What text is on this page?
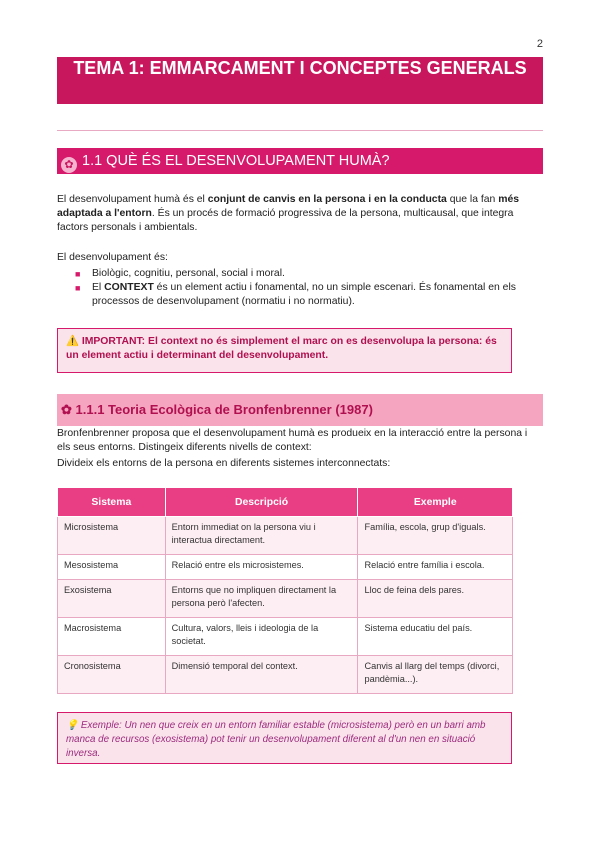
2
TEMA 1: EMMARCAMENT I CONCEPTES GENERALS
✿ 1.1 QUÈ ÉS EL DESENVOLUPAMENT HUMÀ?
El desenvolupament humà és el conjunt de canvis en la persona i en la conducta que la fan més adaptada a l'entorn. És un procés de formació progressiva de la persona, multicausal, que integra factors personals i ambientals.
El desenvolupament és:
■ Biològic, cognitiu, personal, social i moral.
■ El CONTEXT és un element actiu i fonamental, no un simple escenari. És fonamental en els processos de desenvolupament (normatiu i no normatiu).
⚠️ IMPORTANT: El context no és simplement el marc on es desenvolupa la persona: és un element actiu i determinant del desenvolupament.
✿ 1.1.1 Teoria Ecològica de Bronfenbrenner (1987)
Bronfenbrenner proposa que el desenvolupament humà es produeix en la interacció entre la persona i els seus entorns. Distingeix diferents nivells de context:
Divideix els entorns de la persona en diferents sistemes interconnectats:
Sistema	Descripció	Exemple
Microsistema	Entorn immediat on la persona viu i interactua directament.	Família, escola, grup d'iguals.
Mesosistema	Relació entre els microsistemes.	Relació entre família i escola.
Exosistema	Entorns que no impliquen directament la persona però l'afecten.	Lloc de feina dels pares.
Macrosistema	Cultura, valors, lleis i ideologia de la societat.	Sistema educatiu del país.
Cronosistema	Dimensió temporal del context.	Canvis al llarg del temps (divorci, pandèmia...).
💡 Exemple: Un nen que creix en un entorn familiar estable (microsistema) però en un barri amb manca de recursos (exosistema) pot tenir un desenvolupament diferent al d'un nen en situació inversa.
